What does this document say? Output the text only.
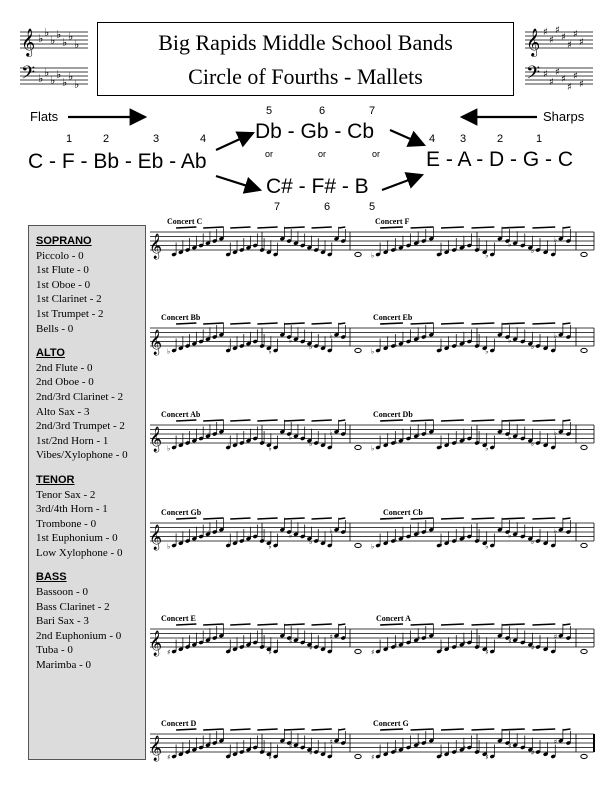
𝄞
𝄢
♭ ♭
♭ ♭
♭ ♭
♭
♭ ♭
♭ ♭
♭ ♭
♭
Big Rapids Middle School Bands
Circle of Fourths - Mallets
𝄞
𝄢
♯
♯
♯
♯
♯
♯
♯
♯
♯
♯
♯
♯
♯
♯
Flats	Sharps
1	2	3	4
C - F - Bb - Eb - Ab
5	6	7
Db - Gb - Cb
or	or	or
C# - F# - B
7	6	5
4 3	2	1
E - A - D - G - C
SOPRANO
Piccolo - 0
1st Flute - 0
1st Oboe - 0
1st Clarinet - 2
1st Trumpet - 2
Bells - 0
ALTO
2nd Flute - 0
2nd Oboe - 0
2nd/3rd Clarinet - 2
Alto Sax - 3
2nd/3rd Trumpet - 2
1st/2nd Horn - 1
Vibes/Xylophone - 0
TENOR
Tenor Sax - 2
3rd/4th Horn - 1
Trombone - 0
1st Euphonium - 0
Low Xylophone - 0
BASS
Bassoon - 0
Bass Clarinet - 2
Bari Sax - 3
2nd Euphonium - 0
Tuba - 0
Marimba - 0
Concert C	Concert F
Concert Bb	Concert Eb
Concert Ab	Concert Db
Concert Gb	Concert Cb
Concert E	Concert A
Concert D	Concert G
𝄞	♭
♭
♭
♭
♭
♭
♭
♭
♭
𝄞 ♭
♭
♭
♭
♭
♭
♭
♭
♭
♭
♭
♭
♭
♭
♭
♭
♭
♭
𝄞 ♭
♭
♭
♭
♭
♭
♭
♭
♭
♭
♭
♭
♭
♭
♭
♭
♭
♭
𝄞 ♭
♭
♭
♭
♭
♭
♭
♭
♭
♭
♭
♭
♭
♭
♭
♭
♭
♭
𝄞 ♯
♯
♯
♯
♯
♯
♯
♯
♯
♯
♯
♯
♯
♯
♯
♯
♯
♯
𝄞 ♯
♯
♯
♯
♯
♯
♯
♯
♯
♯
♯
♯
♯
♯
♯
♯
♯
♯
